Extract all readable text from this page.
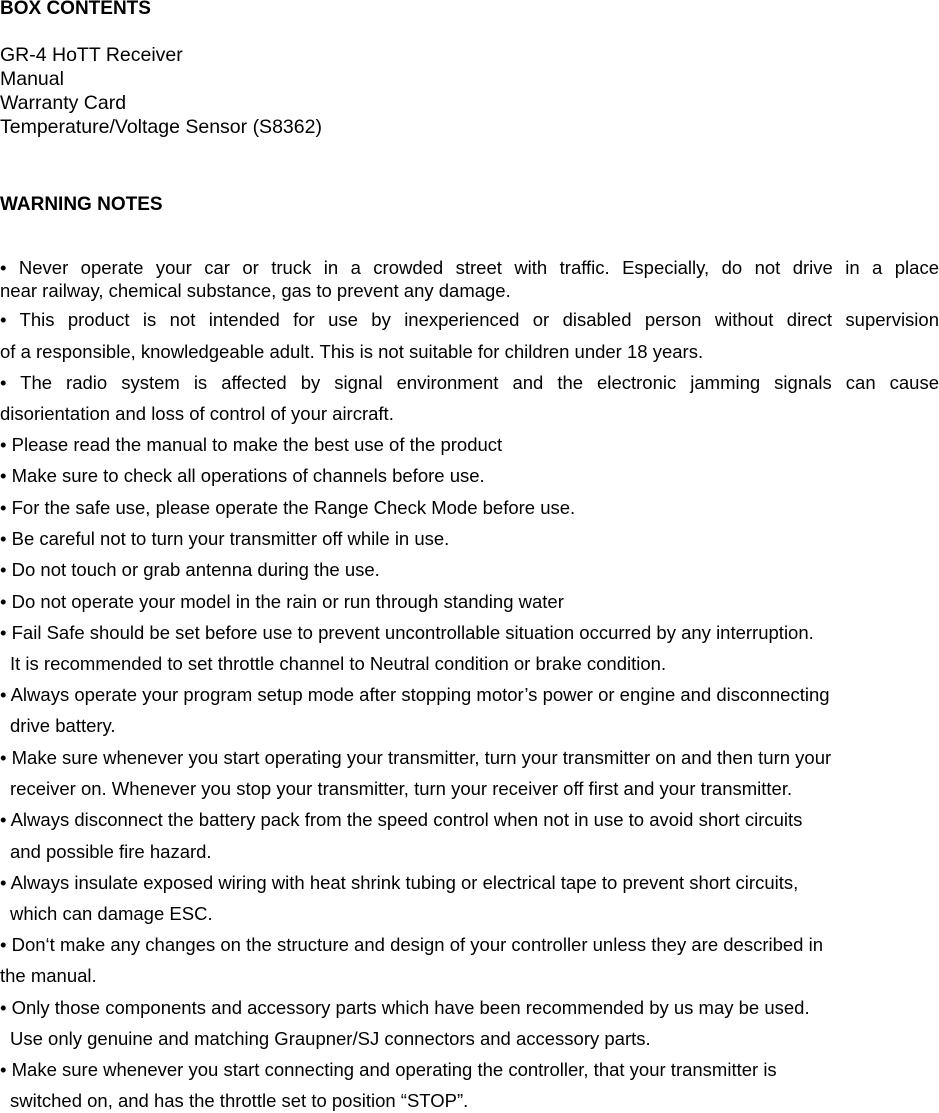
BOX CONTENTS
GR-4 HoTT Receiver
Manual
Warranty Card
Temperature/Voltage Sensor (S8362)
WARNING NOTES
• Never operate your car or truck in a crowded street with traffic. Especially, do not drive in a place
near railway, chemical substance, gas to prevent any damage.
• This product is not intended for use by inexperienced or disabled person without direct supervision
of a responsible, knowledgeable adult. This is not suitable for children under 18 years.
• The radio system is affected by signal environment and the electronic jamming signals can cause
disorientation and loss of control of your aircraft.
• Please read the manual to make the best use of the product
• Make sure to check all operations of channels before use.
• For the safe use, please operate the Range Check Mode before use.
• Be careful not to turn your transmitter off while in use.
• Do not touch or grab antenna during the use.
• Do not operate your model in the rain or run through standing water
• Fail Safe should be set before use to prevent uncontrollable situation occurred by any interruption.
It is recommended to set throttle channel to Neutral condition or brake condition.
• Always operate your program setup mode after stopping motor’s power or engine and disconnecting
drive battery.
• Make sure whenever you start operating your transmitter, turn your transmitter on and then turn your
receiver on. Whenever you stop your transmitter, turn your receiver off first and your transmitter.
• Always disconnect the battery pack from the speed control when not in use to avoid short circuits
and possible fire hazard.
• Always insulate exposed wiring with heat shrink tubing or electrical tape to prevent short circuits,
which can damage ESC.
• Don‘t make any changes on the structure and design of your controller unless they are described in
the manual.
• Only those components and accessory parts which have been recommended by us may be used.
Use only genuine and matching Graupner/SJ connectors and accessory parts.
• Make sure whenever you start connecting and operating the controller, that your transmitter is
switched on, and has the throttle set to position “STOP”.
